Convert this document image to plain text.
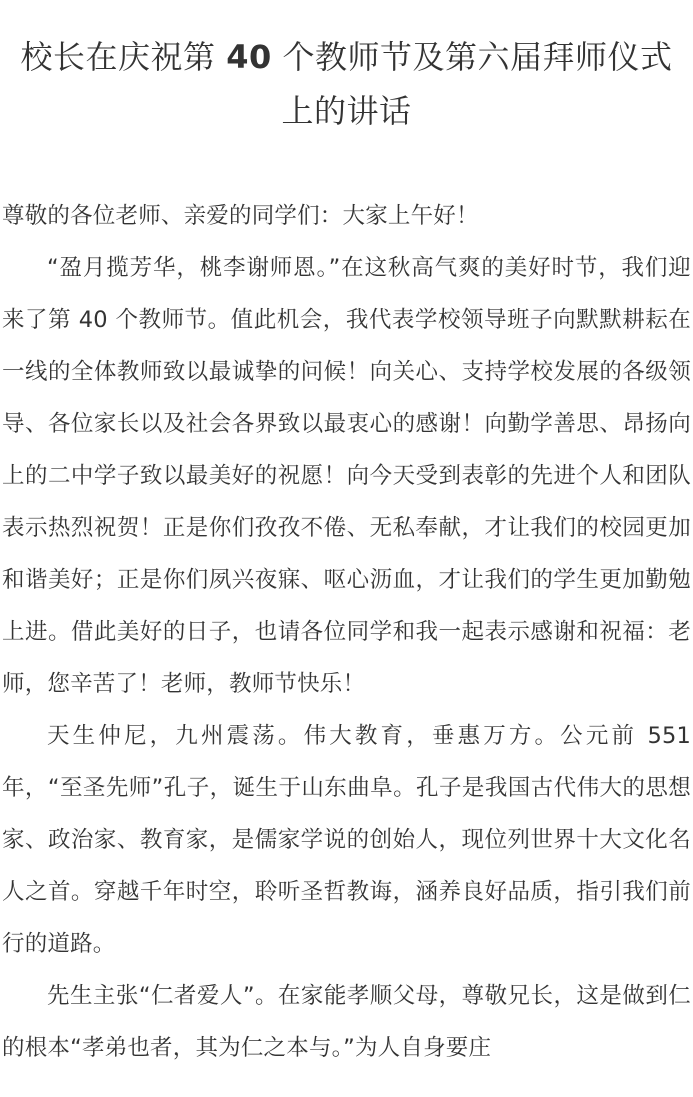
校长在庆祝第 40 个教师节及第六届拜师仪式上的讲话

尊敬的各位老师、亲爱的同学们：大家上午好！

“盈月揽芳华，桃李谢师恩。”在这秋高气爽的美好时节，我们迎来了第 40 个教师节。值此机会，我代表学校领导班子向默默耕耘在一线的全体教师致以最诚挚的问候！向关心、支持学校发展的各级领导、各位家长以及社会各界致以最衷心的感谢！向勤学善思、昂扬向上的二中学子致以最美好的祝愿！向今天受到表彰的先进个人和团队表示热烈祝贺！正是你们孜孜不倦、无私奉献，才让我们的校园更加和谐美好；正是你们夙兴夜寐、呕心沥血，才让我们的学生更加勤勉上进。借此美好的日子，也请各位同学和我一起表示感谢和祝福：老师，您辛苦了！老师，教师节快乐！

天生仲尼，九州震荡。伟大教育，垂惠万方。公元前 551 年，“至圣先师”孔子，诞生于山东曲阜。孔子是我国古代伟大的思想家、政治家、教育家，是儒家学说的创始人，现位列世界十大文化名人之首。穿越千年时空，聆听圣哲教诲，涵养良好品质，指引我们前行的道路。

先生主张“仁者爱人”。在家能孝顺父母，尊敬兄长，这是做到仁的根本“孝弟也者，其为仁之本与。”为人自身要庄
